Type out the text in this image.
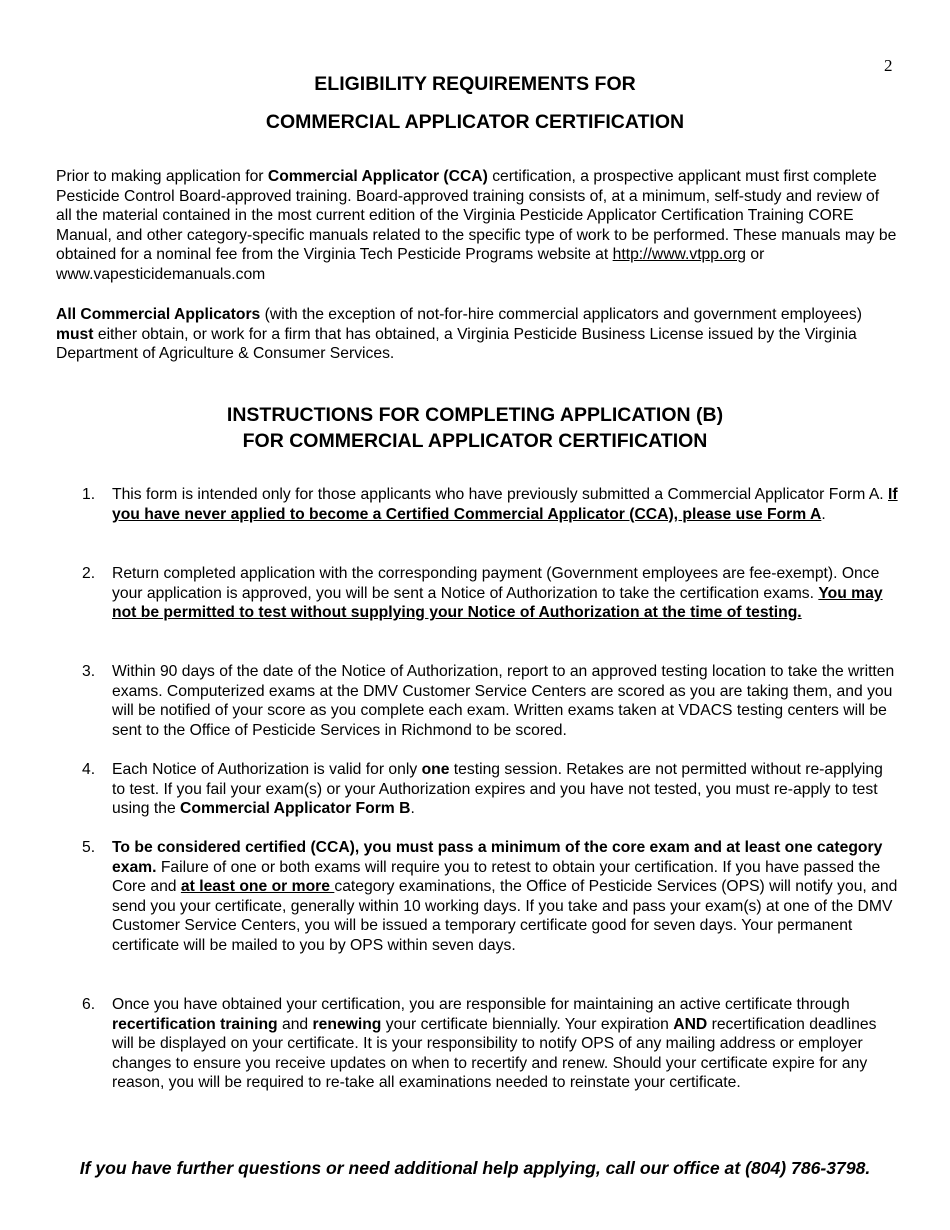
2
ELIGIBILITY REQUIREMENTS FOR
COMMERCIAL APPLICATOR CERTIFICATION

Prior to making application for Commercial Applicator (CCA) certification, a prospective applicant must first complete Pesticide Control Board-approved training. Board-approved training consists of, at a minimum, self-study and review of all the material contained in the most current edition of the Virginia Pesticide Applicator Certification Training CORE Manual, and other category-specific manuals related to the specific type of work to be performed. These manuals may be obtained for a nominal fee from the Virginia Tech Pesticide Programs website at http://www.vtpp.org or www.vapesticidemanuals.com

All Commercial Applicators (with the exception of not-for-hire commercial applicators and government employees) must either obtain, or work for a firm that has obtained, a Virginia Pesticide Business License issued by the Virginia Department of Agriculture & Consumer Services.

INSTRUCTIONS FOR COMPLETING APPLICATION (B)
FOR COMMERCIAL APPLICATOR CERTIFICATION
1.	This form is intended only for those applicants who have previously submitted a Commercial Applicator Form A. If you have never applied to become a Certified Commercial Applicator (CCA), please use Form A.
2.	Return completed application with the corresponding payment (Government employees are fee-exempt). Once your application is approved, you will be sent a Notice of Authorization to take the certification exams. You may not be permitted to test without supplying your Notice of Authorization at the time of testing.
3.	Within 90 days of the date of the Notice of Authorization, report to an approved testing location to take the written exams. Computerized exams at the DMV Customer Service Centers are scored as you are taking them, and you will be notified of your score as you complete each exam. Written exams taken at VDACS testing centers will be sent to the Office of Pesticide Services in Richmond to be scored.
4.	Each Notice of Authorization is valid for only one testing session. Retakes are not permitted without re-applying to test. If you fail your exam(s) or your Authorization expires and you have not tested, you must re-apply to test using the Commercial Applicator Form B.
5.	To be considered certified (CCA), you must pass a minimum of the core exam and at least one category exam. Failure of one or both exams will require you to retest to obtain your certification. If you have passed the Core and at least one or more category examinations, the Office of Pesticide Services (OPS) will notify you, and send you your certificate, generally within 10 working days. If you take and pass your exam(s) at one of the DMV Customer Service Centers, you will be issued a temporary certificate good for seven days. Your permanent certificate will be mailed to you by OPS within seven days.
6.	Once you have obtained your certification, you are responsible for maintaining an active certificate through recertification training and renewing your certificate biennially. Your expiration AND recertification deadlines will be displayed on your certificate. It is your responsibility to notify OPS of any mailing address or employer changes to ensure you receive updates on when to recertify and renew. Should your certificate expire for any reason, you will be required to re-take all examinations needed to reinstate your certificate.

If you have further questions or need additional help applying, call our office at (804) 786-3798.
